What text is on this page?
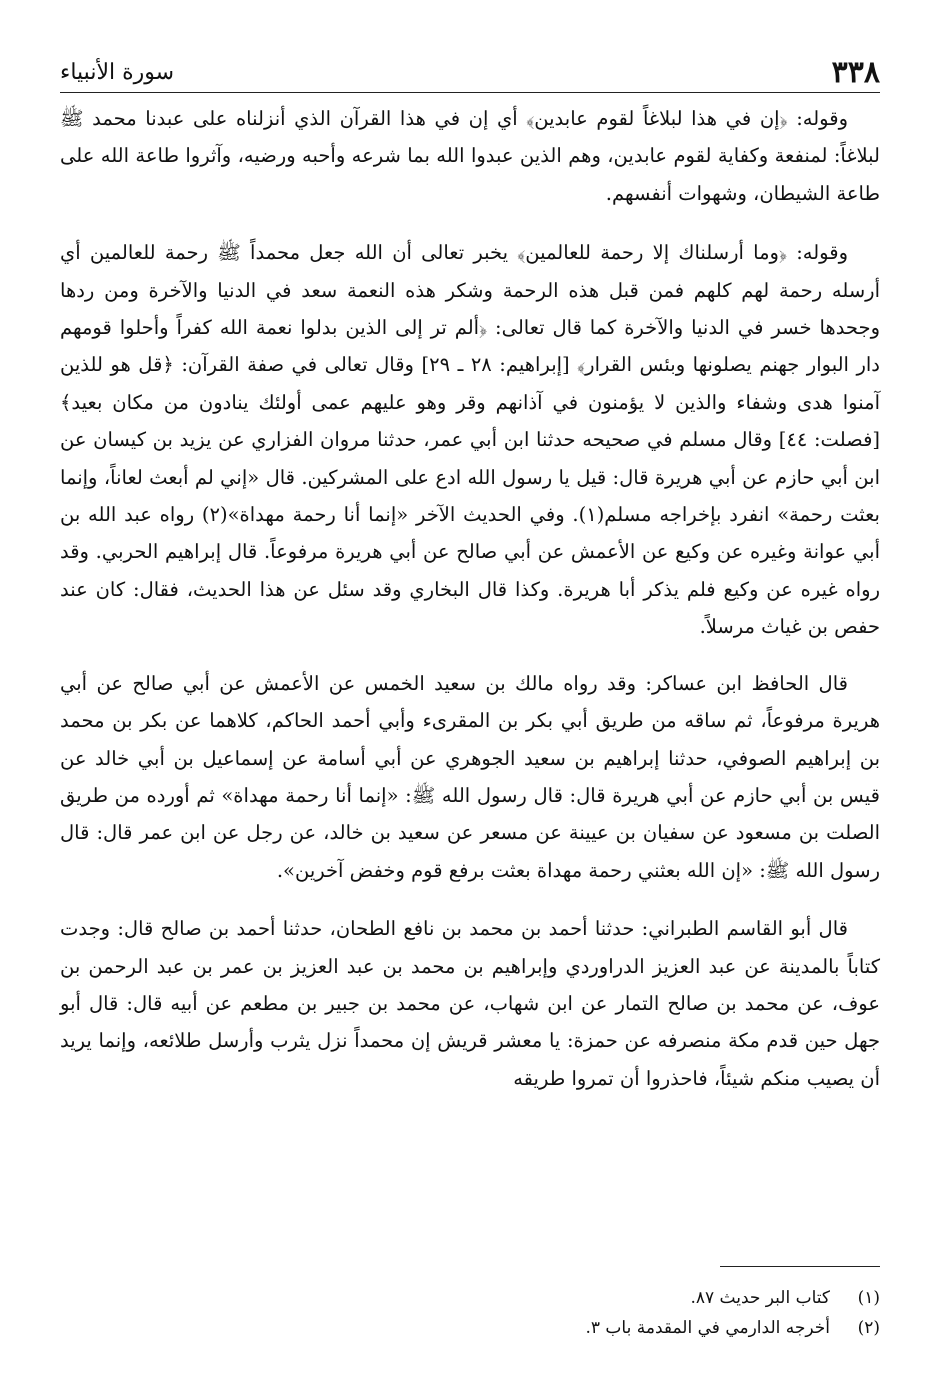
٣٣٨
سورة الأنبياء

وقوله: ﴿إن في هذا لبلاغاً لقوم عابدين﴾ أي إن في هذا القرآن الذي أنزلناه على عبدنا محمد ﷺ لبلاغاً: لمنفعة وكفاية لقوم عابدين، وهم الذين عبدوا الله بما شرعه وأحبه ورضيه، وآثروا طاعة الله على طاعة الشيطان، وشهوات أنفسهم.

وقوله: ﴿وما أرسلناك إلا رحمة للعالمين﴾ يخبر تعالى أن الله جعل محمداً ﷺ رحمة للعالمين أي أرسله رحمة لهم كلهم فمن قبل هذه الرحمة وشكر هذه النعمة سعد في الدنيا والآخرة ومن ردها وجحدها خسر في الدنيا والآخرة كما قال تعالى: ﴿ألم تر إلى الذين بدلوا نعمة الله كفراً وأحلوا قومهم دار البوار جهنم يصلونها وبئس القرار﴾ [إبراهيم: ٢٨ ـ ٢٩] وقال تعالى في صفة القرآن: ﴿قل هو للذين آمنوا هدى وشفاء والذين لا يؤمنون في آذانهم وقر وهو عليهم عمى أولئك ينادون من مكان بعيد﴾ [فصلت: ٤٤] وقال مسلم في صحيحه حدثنا ابن أبي عمر، حدثنا مروان الفزاري عن يزيد بن كيسان عن ابن أبي حازم عن أبي هريرة قال: قيل يا رسول الله ادع على المشركين. قال «إني لم أبعث لعاناً، وإنما بعثت رحمة» انفرد بإخراجه مسلم(١). وفي الحديث الآخر «إنما أنا رحمة مهداة»(٢) رواه عبد الله بن أبي عوانة وغيره عن وكيع عن الأعمش عن أبي صالح عن أبي هريرة مرفوعاً. قال إبراهيم الحربي. وقد رواه غيره عن وكيع فلم يذكر أبا هريرة. وكذا قال البخاري وقد سئل عن هذا الحديث، فقال: كان عند حفص بن غياث مرسلاً.

قال الحافظ ابن عساكر: وقد رواه مالك بن سعيد الخمس عن الأعمش عن أبي صالح عن أبي هريرة مرفوعاً، ثم ساقه من طريق أبي بكر بن المقرىء وأبي أحمد الحاكم، كلاهما عن بكر بن محمد بن إبراهيم الصوفي، حدثنا إبراهيم بن سعيد الجوهري عن أبي أسامة عن إسماعيل بن أبي خالد عن قيس بن أبي حازم عن أبي هريرة قال: قال رسول الله ﷺ: «إنما أنا رحمة مهداة» ثم أورده من طريق الصلت بن مسعود عن سفيان بن عيينة عن مسعر عن سعيد بن خالد، عن رجل عن ابن عمر قال: قال رسول الله ﷺ: «إن الله بعثني رحمة مهداة بعثت برفع قوم وخفض آخرين».

قال أبو القاسم الطبراني: حدثنا أحمد بن محمد بن نافع الطحان، حدثنا أحمد بن صالح قال: وجدت كتاباً بالمدينة عن عبد العزيز الدراوردي وإبراهيم بن محمد بن عبد العزيز بن عمر بن عبد الرحمن بن عوف، عن محمد بن صالح التمار عن ابن شهاب، عن محمد بن جبير بن مطعم عن أبيه قال: قال أبو جهل حين قدم مكة منصرفه عن حمزة: يا معشر قريش إن محمداً نزل يثرب وأرسل طلائعه، وإنما يريد أن يصيب منكم شيئاً، فاحذروا أن تمروا طريقه

(١)
كتاب البر حديث ٨٧.
(٢)
أخرجه الدارمي في المقدمة باب ٣.
